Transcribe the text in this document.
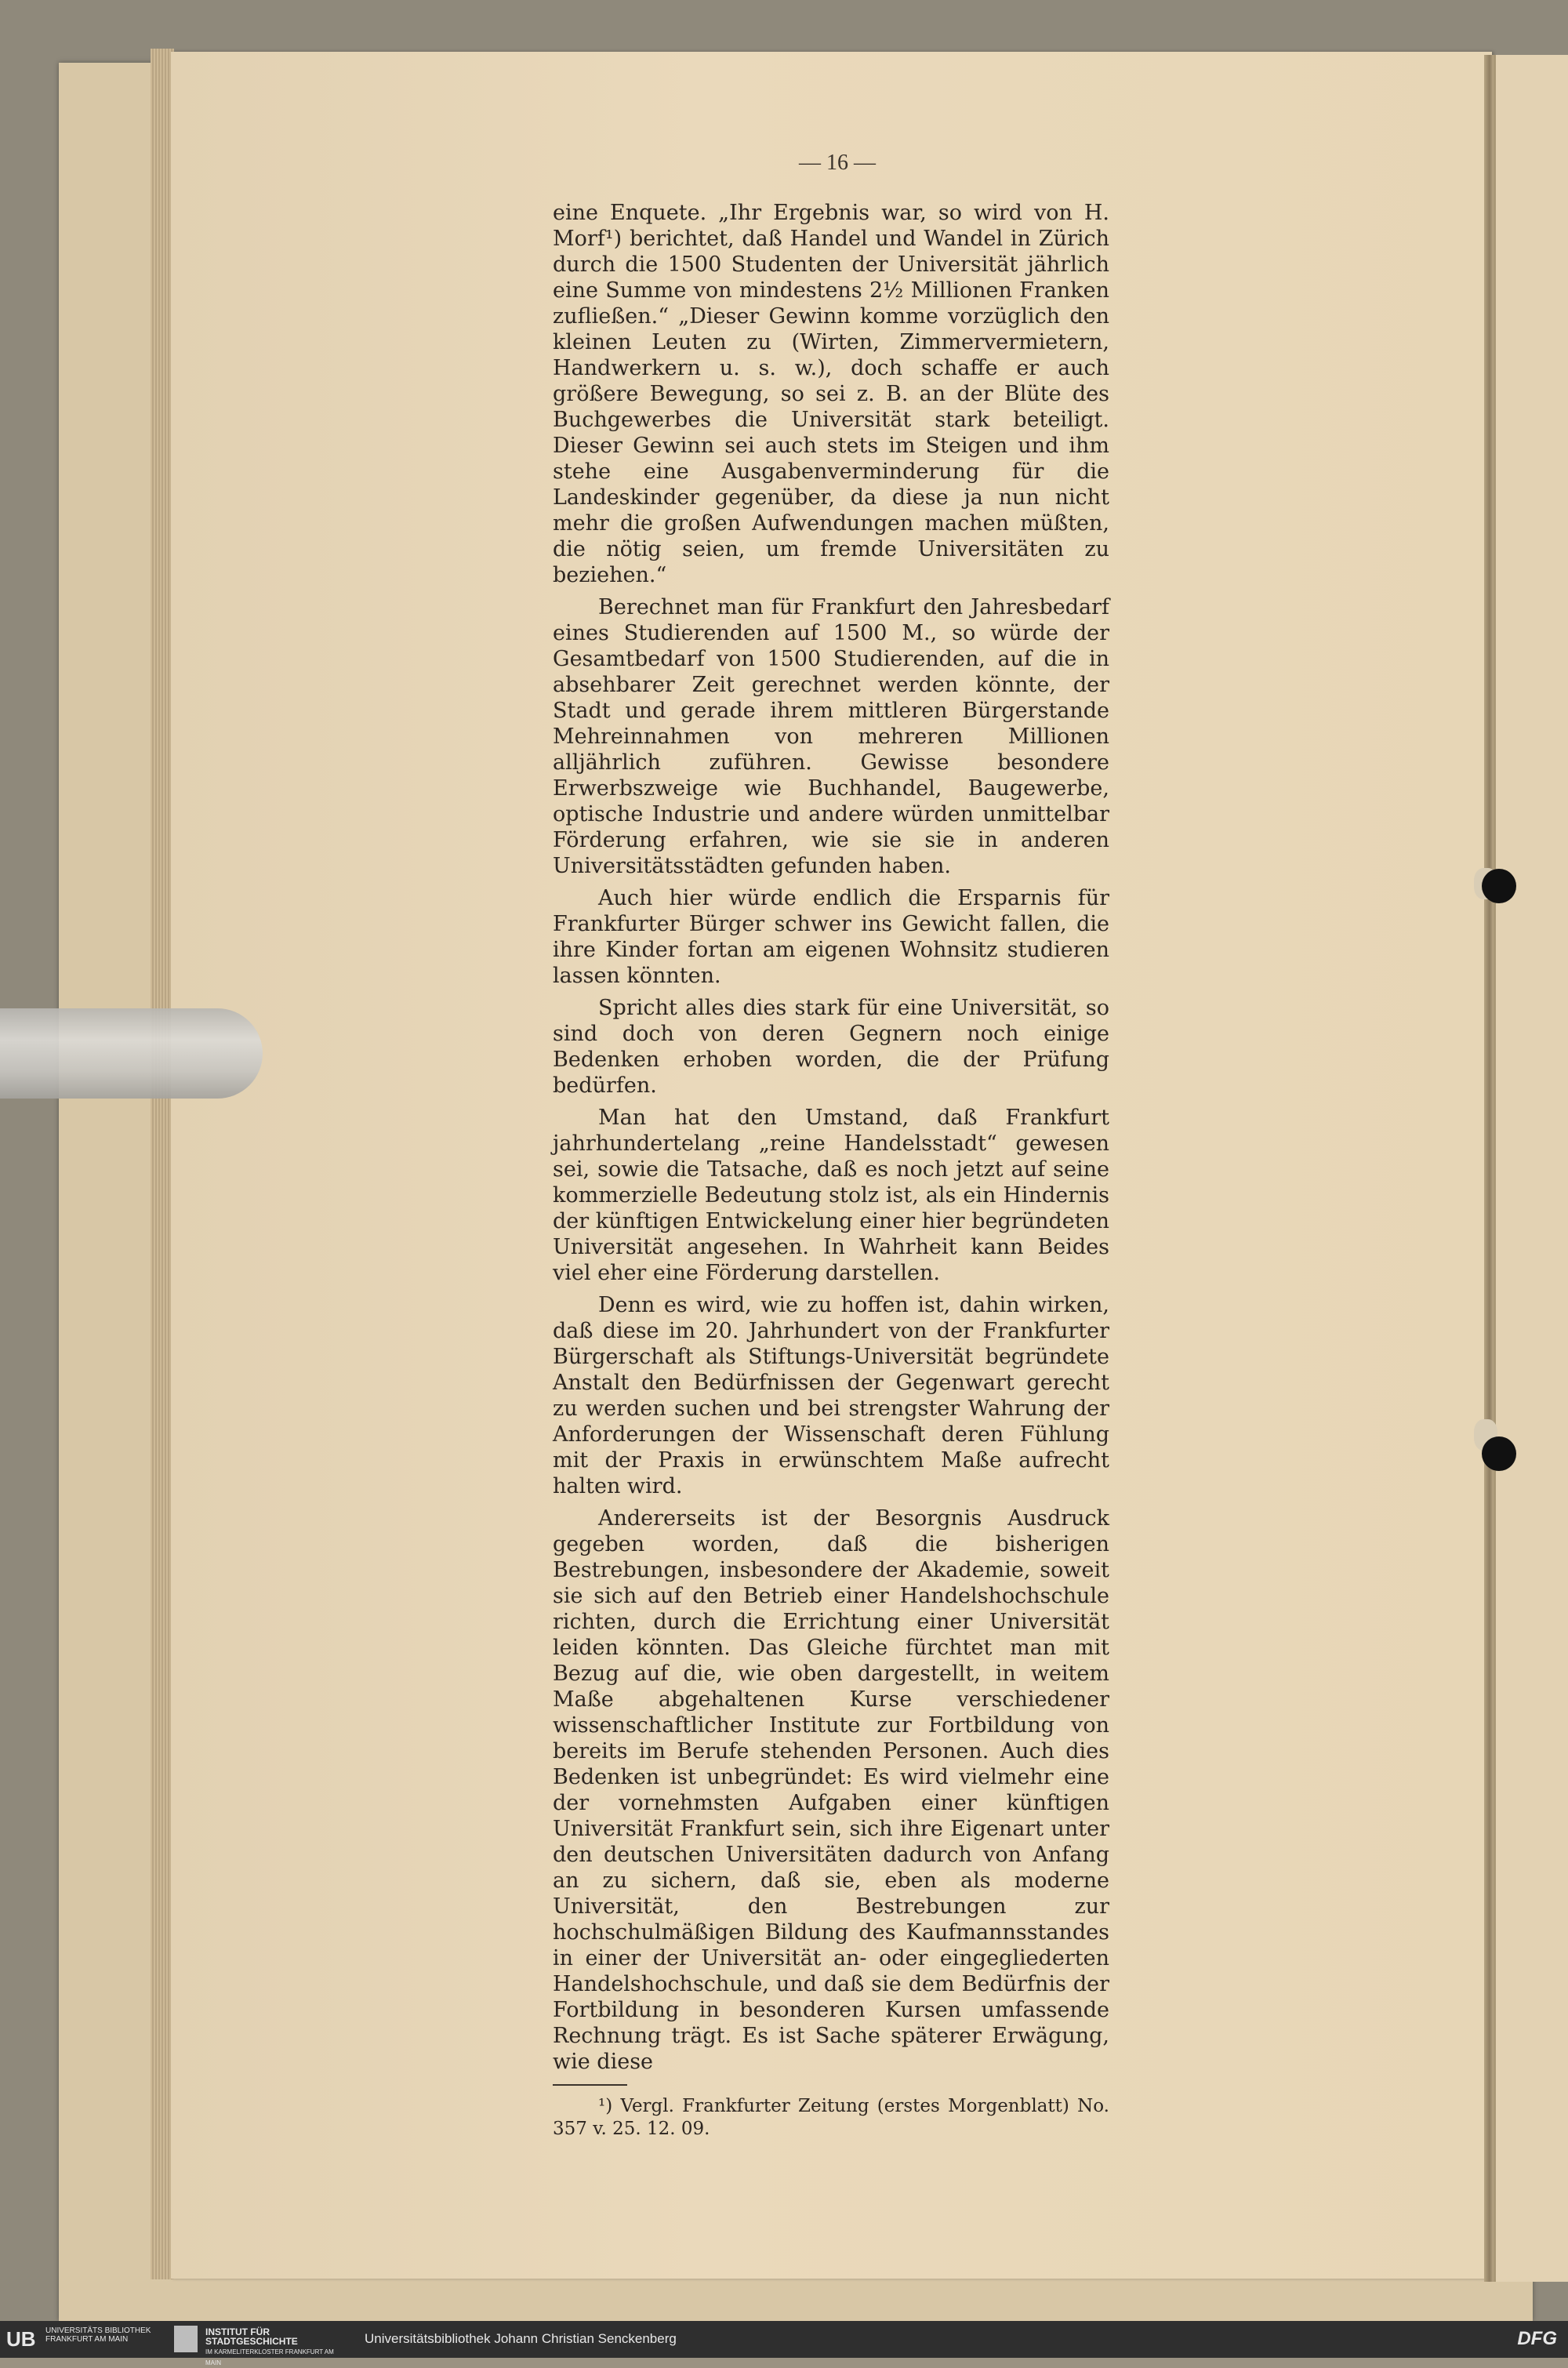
— 16 —

eine Enquete. „Ihr Ergebnis war, so wird von H. Morf¹) berichtet, daß Handel und Wandel in Zürich durch die 1500 Studenten der Universität jährlich eine Summe von mindestens 2½ Millionen Franken zufließen.“ „Dieser Gewinn komme vorzüglich den kleinen Leuten zu (Wirten, Zimmervermietern, Handwerkern u. s. w.), doch schaffe er auch größere Bewegung, so sei z. B. an der Blüte des Buchgewerbes die Universität stark beteiligt. Dieser Gewinn sei auch stets im Steigen und ihm stehe eine Ausgabenverminderung für die Landeskinder gegenüber, da diese ja nun nicht mehr die großen Aufwendungen machen müßten, die nötig seien, um fremde Universitäten zu beziehen.“

Berechnet man für Frankfurt den Jahresbedarf eines Studierenden auf 1500 M., so würde der Gesamtbedarf von 1500 Studierenden, auf die in absehbarer Zeit gerechnet werden könnte, der Stadt und gerade ihrem mittleren Bürgerstande Mehreinnahmen von mehreren Millionen alljährlich zuführen. Gewisse besondere Erwerbszweige wie Buchhandel, Baugewerbe, optische Industrie und andere würden unmittelbar Förderung erfahren, wie sie sie in anderen Universitätsstädten gefunden haben.

Auch hier würde endlich die Ersparnis für Frankfurter Bürger schwer ins Gewicht fallen, die ihre Kinder fortan am eigenen Wohnsitz studieren lassen könnten.

Spricht alles dies stark für eine Universität, so sind doch von deren Gegnern noch einige Bedenken erhoben worden, die der Prüfung bedürfen.

Man hat den Umstand, daß Frankfurt jahrhundertelang „reine Handelsstadt“ gewesen sei, sowie die Tatsache, daß es noch jetzt auf seine kommerzielle Bedeutung stolz ist, als ein Hindernis der künftigen Entwickelung einer hier begründeten Universität angesehen. In Wahrheit kann Beides viel eher eine Förderung darstellen.

Denn es wird, wie zu hoffen ist, dahin wirken, daß diese im 20. Jahrhundert von der Frankfurter Bürgerschaft als Stiftungs-Universität begründete Anstalt den Bedürfnissen der Gegenwart gerecht zu werden suchen und bei strengster Wahrung der Anforderungen der Wissenschaft deren Fühlung mit der Praxis in erwünschtem Maße aufrecht halten wird.

Andererseits ist der Besorgnis Ausdruck gegeben worden, daß die bisherigen Bestrebungen, insbesondere der Akademie, soweit sie sich auf den Betrieb einer Handelshochschule richten, durch die Errichtung einer Universität leiden könnten. Das Gleiche fürchtet man mit Bezug auf die, wie oben dargestellt, in weitem Maße abgehaltenen Kurse verschiedener wissenschaftlicher Institute zur Fortbildung von bereits im Berufe stehenden Personen. Auch dies Bedenken ist unbegründet: Es wird vielmehr eine der vornehmsten Aufgaben einer künftigen Universität Frankfurt sein, sich ihre Eigenart unter den deutschen Universitäten dadurch von Anfang an zu sichern, daß sie, eben als moderne Universität, den Bestrebungen zur hochschulmäßigen Bildung des Kaufmannsstandes in einer der Universität an- oder eingegliederten Handelshochschule, und daß sie dem Bedürfnis der Fortbildung in besonderen Kursen umfassende Rechnung trägt. Es ist Sache späterer Erwägung, wie diese

¹) Vergl. Frankfurter Zeitung (erstes Morgenblatt) No. 357 v. 25. 12. 09.

UB UNIVERSITÄTS BIBLIOTHEK FRANKFURT AM MAIN
INSTITUT FÜR STADTGESCHICHTE
IM KARMELITERKLOSTER FRANKFURT AM MAIN
Universitätsbibliothek Johann Christian Senckenberg	DFG
